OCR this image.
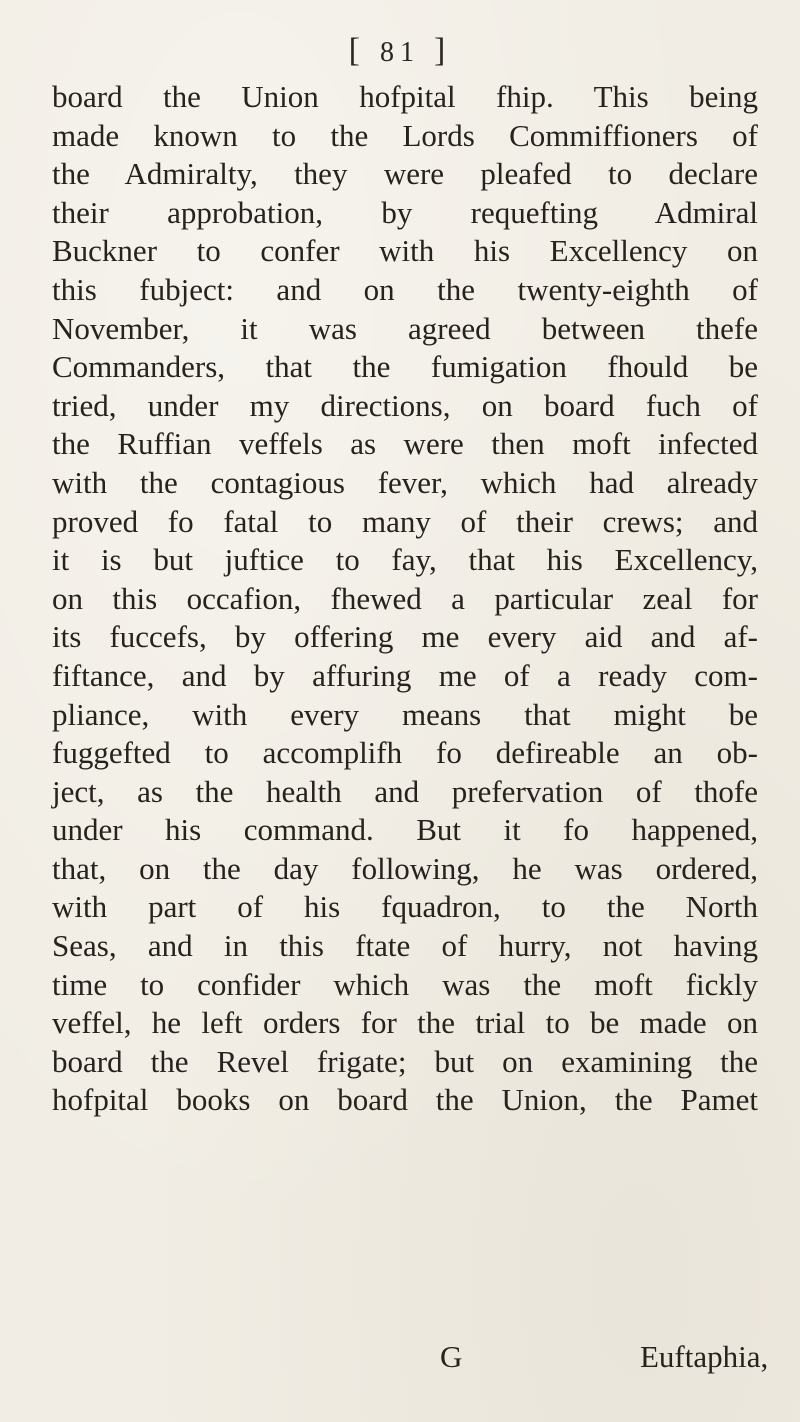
[ 81 ]
board the Union hofpital fhip. This being
made known to the Lords Commiffioners of
the Admiralty, they were pleafed to declare
their approbation, by requefting Admiral
Buckner to confer with his Excellency on
this fubject: and on the twenty-eighth of
November, it was agreed between thefe
Commanders, that the fumigation fhould be
tried, under my directions, on board fuch of
the Ruffian veffels as were then moft infected
with the contagious fever, which had already
proved fo fatal to many of their crews; and
it is but juftice to fay, that his Excellency,
on this occafion, fhewed a particular zeal for
its fuccefs, by offering me every aid and af-
fiftance, and by affuring me of a ready com-
pliance, with every means that might be
fuggefted to accomplifh fo defireable an ob-
ject, as the health and prefervation of thofe
under his command. But it fo happened,
that, on the day following, he was ordered,
with part of his fquadron, to the North
Seas, and in this ftate of hurry, not having
time to confider which was the moft fickly
veffel, he left orders for the trial to be made on
board the Revel frigate; but on examining the
hofpital books on board the Union, the Pamet
G	Euftaphia,
